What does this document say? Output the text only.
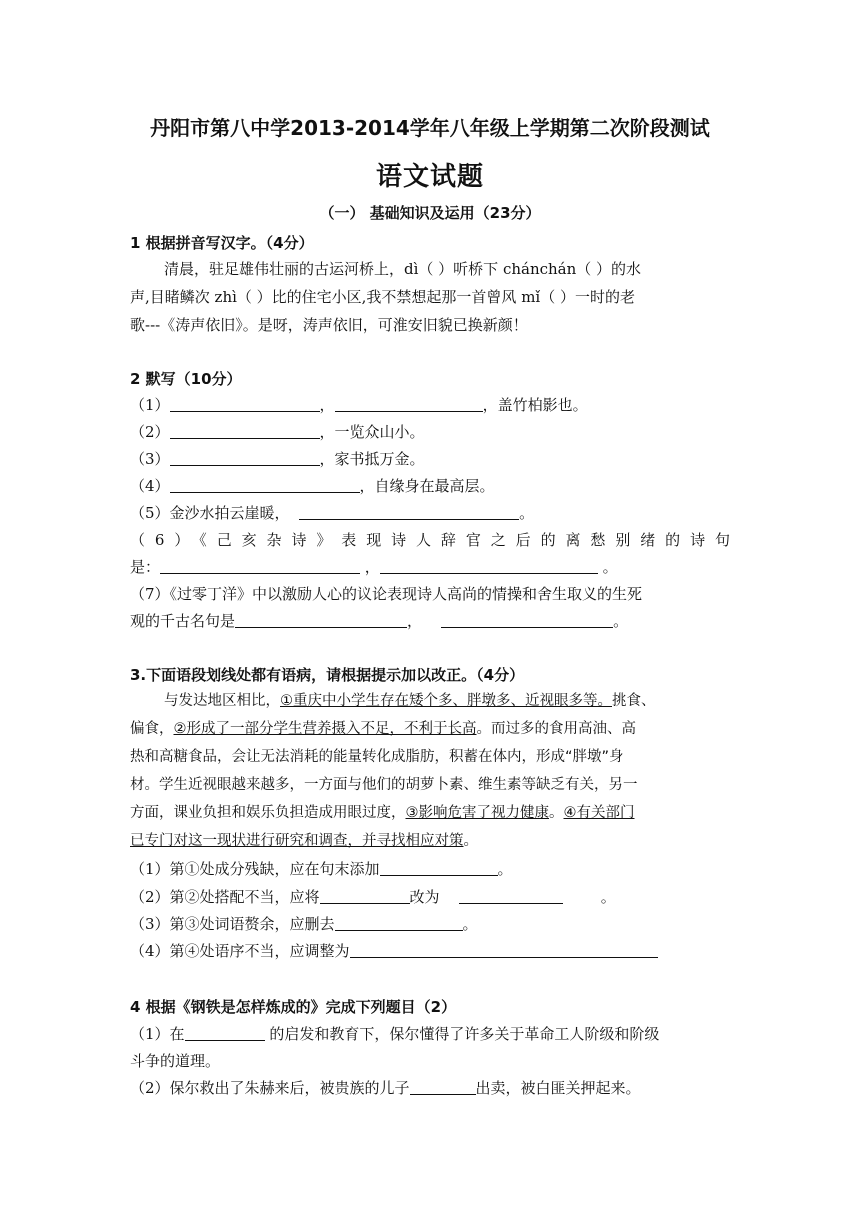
丹阳市第八中学2013-2014学年八年级上学期第二次阶段测试
语文试题
（一） 基础知识及运用（23分）
1 根据拼音写汉字。（4分）
清晨，驻足雄伟壮丽的古运河桥上，dì（ ）听桥下 chánchán（ ）的水
声,目睹鳞次 zhì（ ）比的住宅小区,我不禁想起那一首曾风 mǐ（ ）一时的老
歌---《涛声依旧》。是呀，涛声依旧，可淮安旧貌已换新颜！
2 默写（10分）
（1）	，	，盖竹柏影也。
（2）	，一览众山小。
（3）	，家书抵万金。
（4）	，自缘身在最高层。
（5）金沙水拍云崖暖，	。
（6）《己亥杂诗》表现诗人辞官之后的离愁别绪的诗句
是：	，	。
（7）《过零丁洋》中以激励人心的议论表现诗人高尚的情操和舍生取义的生死
观的千古名句是	，	。
3.下面语段划线处都有语病，请根据提示加以改正。（4分）
与发达地区相比，①重庆中小学生存在矮个多、胖墩多、近视眼多等。挑食、
偏食，②形成了一部分学生营养摄入不足，不利于长高。而过多的食用高油、高
热和高糖食品，会让无法消耗的能量转化成脂肪，积蓄在体内，形成“胖墩”身
材。学生近视眼越来越多，一方面与他们的胡萝卜素、维生素等缺乏有关，另一
方面，课业负担和娱乐负担造成用眼过度，③影响危害了视力健康。④有关部门
已专门对这一现状进行研究和调查，并寻找相应对策。
（1）第①处成分残缺，应在句末添加	。
（2）第②处搭配不当，应将	改为	。
（3）第③处词语赘余，应删去	。
（4）第④处语序不当，应调整为
4 根据《钢铁是怎样炼成的》完成下列题目（2）
（1）在	的启发和教育下，保尔懂得了许多关于革命工人阶级和阶级
斗争的道理。
（2）保尔救出了朱赫来后，被贵族的儿子	出卖，被白匪关押起来。
